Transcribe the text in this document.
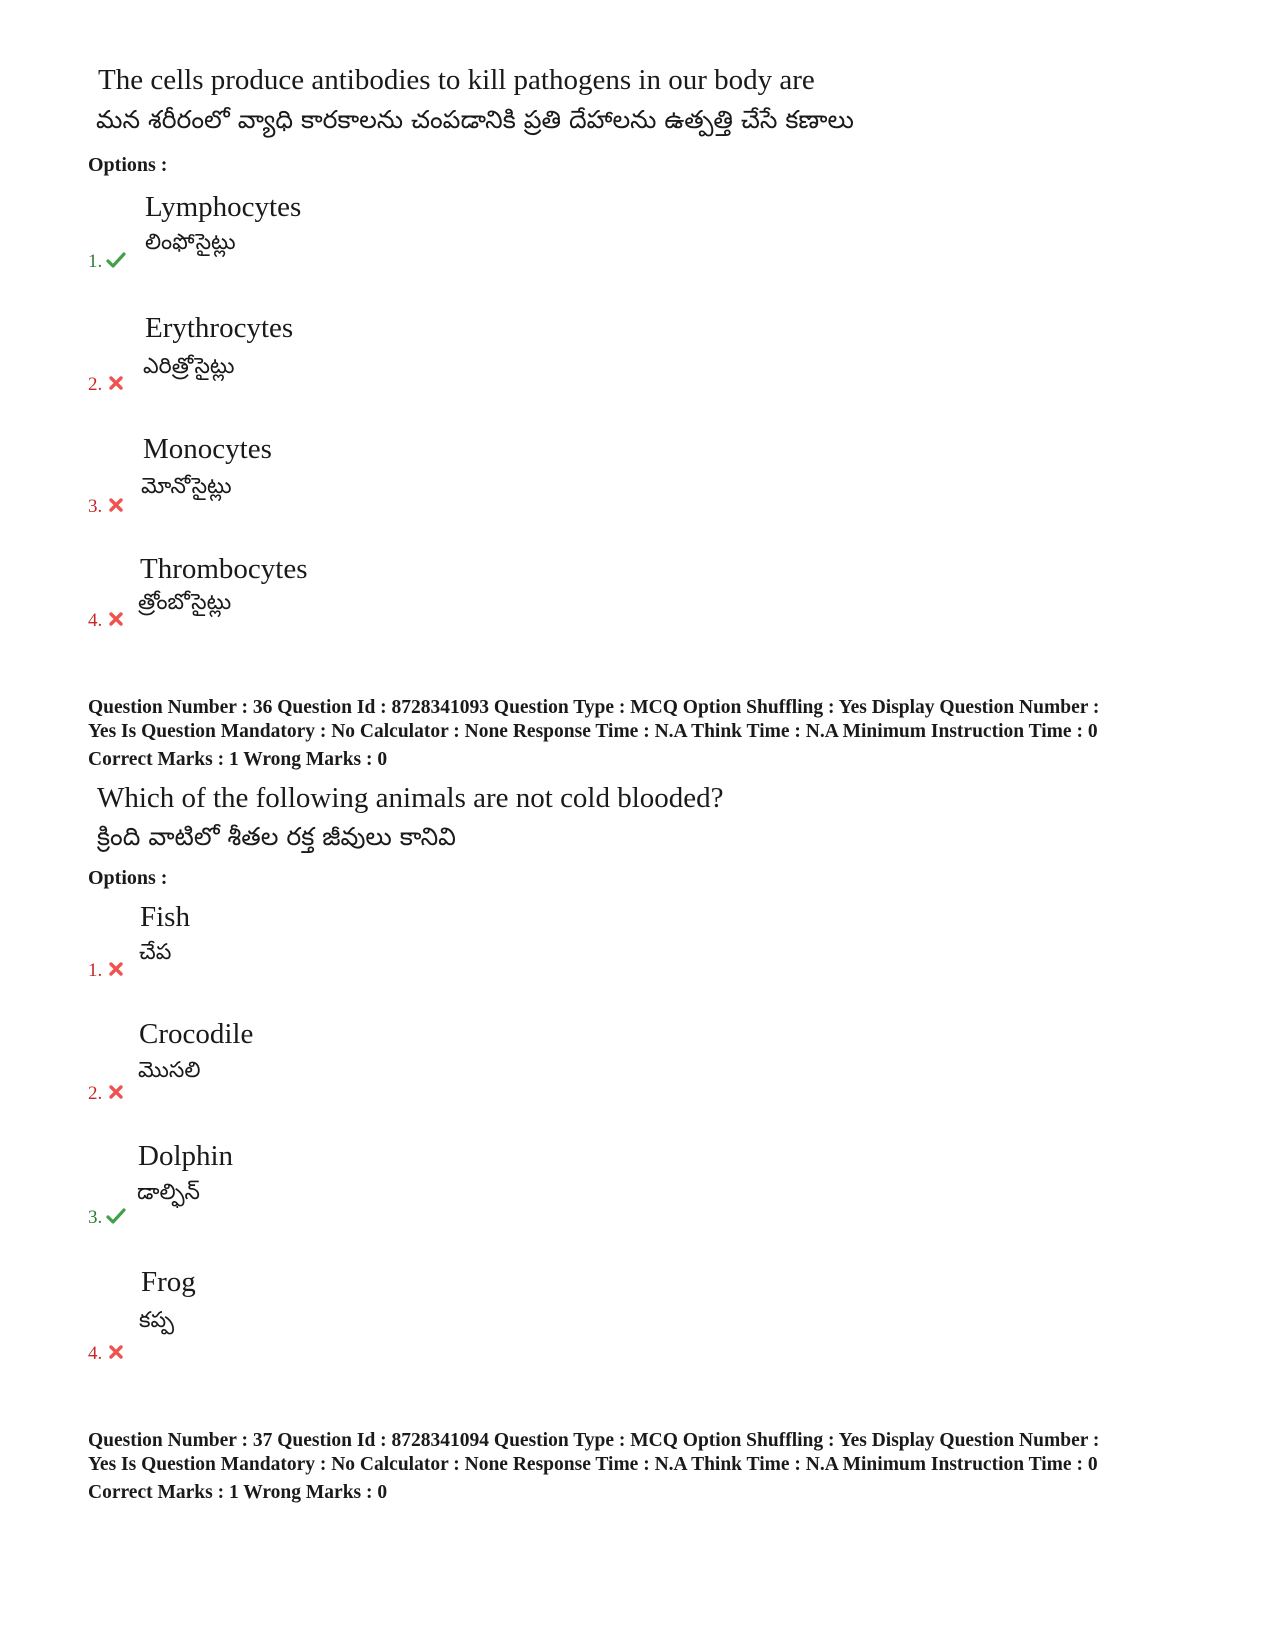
The cells produce antibodies to kill pathogens in our body are
మన శరీరంలో వ్యాధి కారకాలను చంపడానికి ప్రతి దేహాలను ఉత్పత్తి చేసే కణాలు
Options :
Lymphocytes
లింఫోసైట్లు
1.
Erythrocytes
ఎరిత్రోసైట్లు
2.
Monocytes
మోనోసైట్లు
3.
Thrombocytes
త్రోంబోసైట్లు
4.
Question Number : 36 Question Id : 8728341093 Question Type : MCQ Option Shuffling : Yes Display Question Number :
Yes Is Question Mandatory : No Calculator : None Response Time : N.A Think Time : N.A Minimum Instruction Time : 0
Correct Marks : 1 Wrong Marks : 0
Which of the following animals are not cold blooded?
క్రింది వాటిలో శీతల రక్త జీవులు కానివి
Options :
Fish
చేప
1.
Crocodile
మొసలి
2.
Dolphin
డాల్ఫిన్
3.
Frog
కప్ప
4.
Question Number : 37 Question Id : 8728341094 Question Type : MCQ Option Shuffling : Yes Display Question Number :
Yes Is Question Mandatory : No Calculator : None Response Time : N.A Think Time : N.A Minimum Instruction Time : 0
Correct Marks : 1 Wrong Marks : 0
